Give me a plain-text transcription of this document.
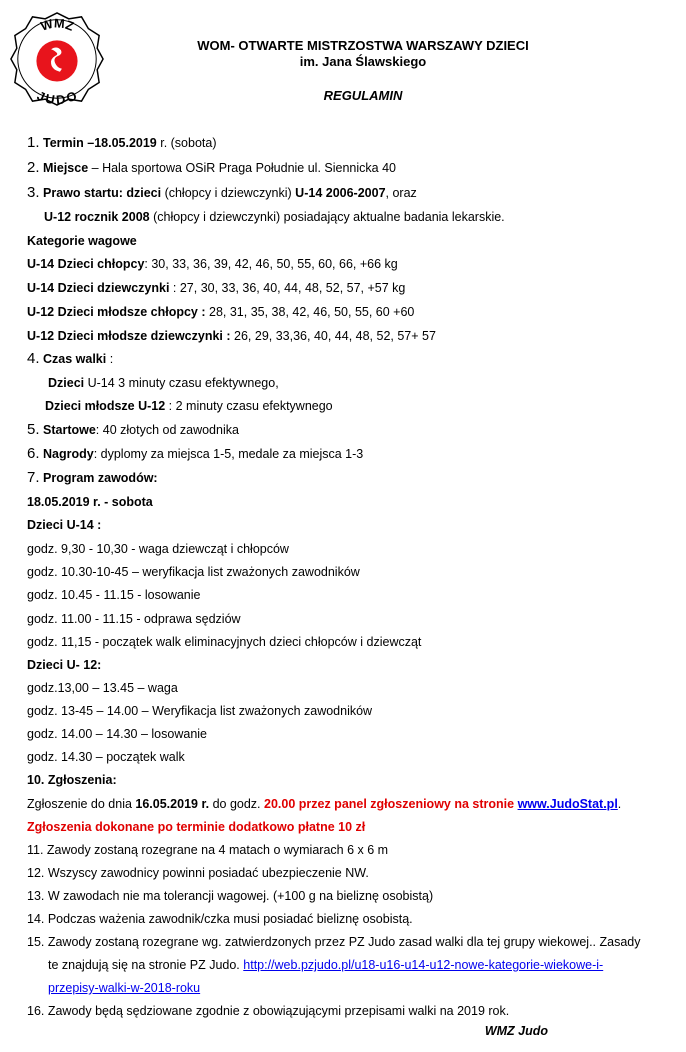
WMZ
JUDO
WOM- OTWARTE MISTRZOSTWA WARSZAWY DZIECI
im. Jana Ślawskiego
REGULAMIN
1. Termin –18.05.2019 r. (sobota)
2. Miejsce – Hala sportowa OSiR Praga Południe ul. Siennicka 40
3. Prawo startu: dzieci (chłopcy i dziewczynki) U-14 2006-2007, oraz
U-12 rocznik 2008 (chłopcy i dziewczynki) posiadający aktualne badania lekarskie.
Kategorie wagowe
U-14 Dzieci chłopcy: 30, 33, 36, 39, 42, 46, 50, 55, 60, 66, +66 kg
U-14 Dzieci dziewczynki : 27, 30, 33, 36, 40, 44, 48, 52, 57, +57 kg
U-12 Dzieci młodsze chłopcy : 28, 31, 35, 38, 42, 46, 50, 55, 60 +60
U-12 Dzieci młodsze dziewczynki : 26, 29, 33,36, 40, 44, 48, 52, 57+ 57
4. Czas walki :
Dzieci U-14 3 minuty czasu efektywnego,
Dzieci młodsze U-12 : 2 minuty czasu efektywnego
5. Startowe: 40 złotych od zawodnika
6. Nagrody: dyplomy za miejsca 1-5, medale za miejsca 1-3
7. Program zawodów:
18.05.2019 r. - sobota
Dzieci U-14 :
godz. 9,30 - 10,30 - waga dziewcząt i chłopców
godz. 10.30-10-45 – weryfikacja list zważonych zawodników
godz. 10.45 - 11.15 - losowanie
godz. 11.00 - 11.15 - odprawa sędziów
godz. 11,15 - początek walk eliminacyjnych dzieci chłopców i dziewcząt
Dzieci U- 12:
godz.13,00 – 13.45 – waga
godz. 13-45 – 14.00 – Weryfikacja list zważonych zawodników
godz. 14.00 – 14.30 – losowanie
godz. 14.30 – początek walk
10. Zgłoszenia:
Zgłoszenie do dnia 16.05.2019 r. do godz. 20.00 przez panel zgłoszeniowy na stronie www.JudoStat.pl.
Zgłoszenia dokonane po terminie dodatkowo płatne 10 zł
11. Zawody zostaną rozegrane na 4 matach o wymiarach 6 x 6 m
12. Wszyscy zawodnicy powinni posiadać ubezpieczenie NW.
13. W zawodach nie ma tolerancji wagowej. (+100 g na bieliznę osobistą)
14. Podczas ważenia zawodnik/czka musi posiadać bieliznę osobistą.
15. Zawody zostaną rozegrane wg. zatwierdzonych przez PZ Judo zasad walki dla tej grupy wiekowej.. Zasady
te znajdują się na stronie PZ Judo. http://web.pzjudo.pl/u18-u16-u14-u12-nowe-kategorie-wiekowe-i-
przepisy-walki-w-2018-roku
16. Zawody będą sędziowane zgodnie z obowiązującymi przepisami walki na 2019 rok.
WMZ Judo
